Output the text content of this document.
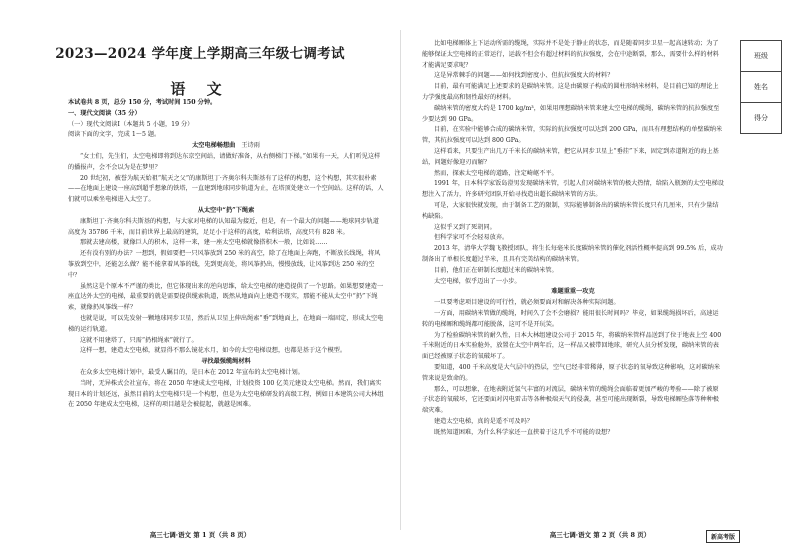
2023—2024 学年度上学期高三年级七调考试
语 文

本试卷共 8 页，总分 150 分，考试时间 150 分钟。

一、现代文阅读（35 分）

（一）现代文阅读Ⅰ（本题共 5 小题，19 分）

阅读下面的文字，完成 1～5 题。

太空电梯畅想曲 王诗雨

“女士们，先生们，太空电梯即将到达东京空间站，请做好准备，从右侧梯门下梯。”如果有一天，人们听见这样的播报声，会不会以为是在梦里？

20 世纪初，被誉为航天始祖“航天之父”的康斯坦丁·齐奥尔科夫斯基有了这样的构想，这个构想，其实很朴素——在地面上建设一座高到超乎想象的铁塔，一直建到地球同步轨道为止，在塔顶处建立一个空间站。这样的话，人们就可以乘坐电梯进入太空了。

从太空中“扔”下绳索

康斯坦丁·齐奥尔科夫斯基的构想，与大家对电梯的认知最为接近，但是，有一个最大的问题——地球同步轨道高度为 35786 千米，而目前世界上最高的建筑，足足小于这样的高度，哈利法塔，高度只有 828 米。

那就去建高楼，就像巨人的积木，这样一来，建一座太空电梯就像搭积木一般，比如说……

还有没有别的办法？一想到，假如要把一只风筝放到 250 米的高空，除了在地面上奔跑，不断放长线绳，将风筝放到空中，还能怎么做？能不能拿着风筝的线，先到更高处，将风筝扔出，慢慢放线，让风筝到达 250 米的空中？

虽然这是个原本不严谨的类比，但它体现出来的逆向思维，给太空电梯的建造提供了一个思路。如果想要建造一座直达外太空的电梯，最重要的就是需要提供缆索轨道，既然从地面向上建造不现实，那能不能从太空中“扔”下绳索，就像扔风筝线一样？

也就是说，可以先发射一颗地球同步卫星，然后从卫星上伸出绳索“垂”到地面上，在地面一端固定，形成太空电梯的运行轨道。

这就不用建塔了，只需“扔根绳索”就行了。

这样一想，建造太空电梯，就显得不那么镜花水月，如今的太空电梯设想，也都是基于这个模型。

寻找最强缆绳材料

在众多太空电梯计划中，最受人瞩目的，是日本在 2012 年宣布的太空电梯计划。

当时，无异株式会社宣布，将在 2050 年建成太空电梯，计划投资 100 亿美元建设太空电梯。然而，我们离实现日本的计划还远，虽然目前的太空电梯只是一个构想，但是为太空电梯研发的高级工程，例如日本建筑公司大林组在 2050 年建成太空电梯，这样的项目越是会被提起，就越是困难。

高三七调·语文 第 1 页（共 8 页）

比如电梯厢体上下运动所需的缆绳，实际并不是处于静止的状态，而是随着同步卫星一起高速转动；为了能够保证太空电梯的正常运行，运载不但会有超过材料的抗拉强度，会在中途断裂，那么，需要什么样的材料才能满足要求呢？

这是异常棘手的问题——如何找到密度小、但抗拉强度大的材料？

目前，最有可能满足上述要求的是碳纳米管。这是由碳原子构成的圆柱形纳米材料，是目前已知的理论上力学强度最高和韧性最好的材料。

碳纳米管的密度大约是 1700 kg/m³，如果用理想碳纳米管来建太空电梯的缆绳，碳纳米管的抗拉强度至少要达到 90 GPa。

目前，在实验中能够合成的碳纳米管，实际的抗拉强度可以达到 200 GPa，而具有理想结构的单壁碳纳米管，其抗拉强度可以达到 800 GPa。

这样看来，只要生产出几万千米长的碳纳米管，把它从同步卫星上“垂挂”下来，固定到赤道附近的海上基站，问题好像迎刃而解？

然而，探索太空电梯的道路，注定崎岖不平。

1991 年，日本科学家饭岛澄男发现碳纳米管，引起人们对碳纳米管的极大热情，给陷入瓶颈的太空电梯设想注入了活力，许多研究团队开始寻找造出超长碳纳米管的方法。

可是，大家很快就发现，由于制备工艺的限制，实际能够制备出的碳纳米管长度只有几厘米，只有少量结构缺陷。

这似乎又到了死胡同。

但科学家可不会轻易放弃。

2013 年，清华大学魏飞教授团队，将生长每毫米长度碳纳米管的催化剂活性概率提高到 99.5% 后，成功制备出了单根长度超过半米，且具有完美结构的碳纳米管。

目前，他们正在研制长度超过米的碳纳米管。

太空电梯，似乎迈出了一小步。

难题重重一攻克

一旦要考虑项目建设的可行性，就必须要面对和解决各种实际问题。

一方面，用碳纳米管做的缆绳，时间久了会不会磨损？能用很长时间吗？毕竟，如果缆绳损坏后，高速运转的电梯厢和缆绳都可能脱落，这可不是开玩笑。

为了检验碳纳米管的耐久性，日本大林组建设公司于 2015 年，将碳纳米管样品送到了位于地表上空 400 千米附近的日本实验舱外，放置在太空中两年后，这一样品又被带回地球，研究人员分析发现，碳纳米管的表面已经被原子状态的氧破坏了。

要知道，400 千米高度是大气层中的热层，空气已经非常稀薄，原子状态的氧导致这种影响，这对碳纳米管来说是致命的。

那么，可以想象，在地表附近氢气丰富的对流层，碳纳米管的缆绳会面临着更加严峻的考验——除了被原子状态的氧破坏，它还要面对闪电雷击等各种极端天气的侵袭，甚至可能出现断裂，导致电梯厢坠落等种种极端灾难。

建造太空电梯，真的是遥不可及吗？

既然知道困难，为什么科学家还一直挟着于这几乎不可能的设想？

高三七调·语文 第 2 页（共 8 页）	新高考版
班级
姓名
得分
